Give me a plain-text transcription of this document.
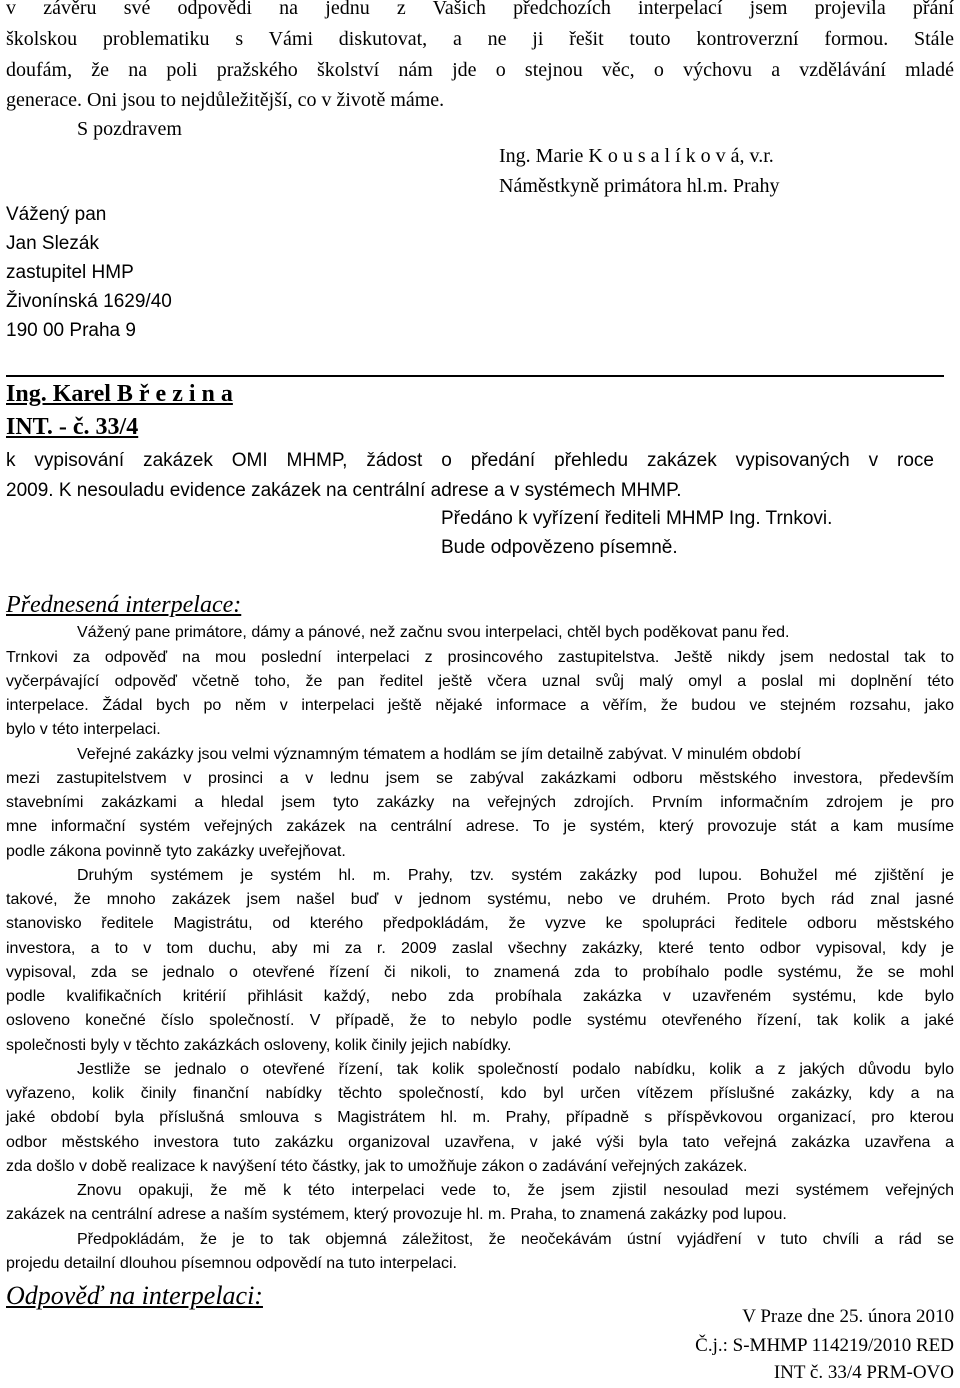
v závěru své odpovědi na jednu z Vašich předchozích interpelací jsem projevila přání
školskou problematiku s Vámi diskutovat, a ne ji řešit touto kontroverzní formou. Stále
doufám, že na poli pražského školství nám jde o stejnou věc, o výchovu a vzdělávání mladé
generace. Oni jsou to nejdůležitější, co v životě máme.
S pozdravem
Ing. Marie K o u s a l í k o v á, v.r.
Náměstkyně primátora hl.m. Prahy
Vážený pan
Jan Slezák
zastupitel HMP
Živonínská 1629/40
190 00 Praha 9
Ing. Karel B ř e z i n a
INT. - č. 33/4
k vypisování zakázek OMI MHMP, žádost o předání přehledu zakázek vypisovaných v roce
2009. K nesouladu evidence zakázek na centrální adrese a v systémech MHMP.
Předáno k vyřízení řediteli MHMP Ing. Trnkovi.
Bude odpovězeno písemně.
Přednesená interpelace:
Vážený pane primátore, dámy a pánové, než začnu svou interpelaci, chtěl bych poděkovat panu řed.
Trnkovi za odpověď na mou poslední interpelaci z prosincového zastupitelstva. Ještě nikdy jsem nedostal tak to
vyčerpávající odpověď včetně toho, že pan ředitel ještě včera uznal svůj malý omyl a poslal mi doplnění této
interpelace. Žádal bych po něm v interpelaci ještě nějaké informace a věřím, že budou ve stejném rozsahu, jako
bylo v této interpelaci.
Veřejné zakázky jsou velmi významným tématem a hodlám se jím detailně zabývat. V minulém období
mezi zastupitelstvem v prosinci a v lednu jsem se zabýval zakázkami odboru městského investora, především
stavebními zakázkami a hledal jsem tyto zakázky na veřejných zdrojích. Prvním informačním zdrojem je pro
mne informační systém veřejných zakázek na centrální adrese. To je systém, který provozuje stát a kam musíme
podle zákona povinně tyto zakázky uveřejňovat.
Druhým systémem je systém hl. m. Prahy, tzv. systém zakázky pod lupou. Bohužel mé zjištění je
takové, že mnoho zakázek jsem našel buď v jednom systému, nebo ve druhém. Proto bych rád znal jasné
stanovisko ředitele Magistrátu, od kterého předpokládám, že vyzve ke spolupráci ředitele odboru městského
investora, a to v tom duchu, aby mi za r. 2009 zaslal všechny zakázky, které tento odbor vypisoval, kdy je
vypisoval, zda se jednalo o otevřené řízení či nikoli, to znamená zda to probíhalo podle systému, že se mohl
podle kvalifikačních kritérií přihlásit každý, nebo zda probíhala zakázka v uzavřeném systému, kde bylo
osloveno konečné číslo společností. V případě, že to nebylo podle systému otevřeného řízení, tak kolik a jaké
společnosti byly v těchto zakázkách osloveny, kolik činily jejich nabídky.
Jestliže se jednalo o otevřené řízení, tak kolik společností podalo nabídku, kolik a z jakých důvodu bylo
vyřazeno, kolik činily finanční nabídky těchto společností, kdo byl určen vítězem příslušné zakázky, kdy a na
jaké období byla příslušná smlouva s Magistrátem hl. m. Prahy, případně s příspěvkovou organizací, pro kterou
odbor městského investora tuto zakázku organizoval uzavřena, v jaké výši byla tato veřejná zakázka uzavřena a
zda došlo v době realizace k navýšení této částky, jak to umožňuje zákon o zadávání veřejných zakázek.
Znovu opakuji, že mě k této interpelaci vede to, že jsem zjistil nesoulad mezi systémem veřejných
zakázek na centrální adrese a naším systémem, který provozuje hl. m. Praha, to znamená zakázky pod lupou.
Předpokládám, že je to tak objemná záležitost, že neočekávám ústní vyjádření v tuto chvíli a rád se
projedu detailní dlouhou písemnou odpovědí na tuto interpelaci.
Odpověď na interpelaci:
V Praze dne 25. února 2010
Č.j.: S-MHMP 114219/2010 RED
INT č. 33/4 PRM-OVO
